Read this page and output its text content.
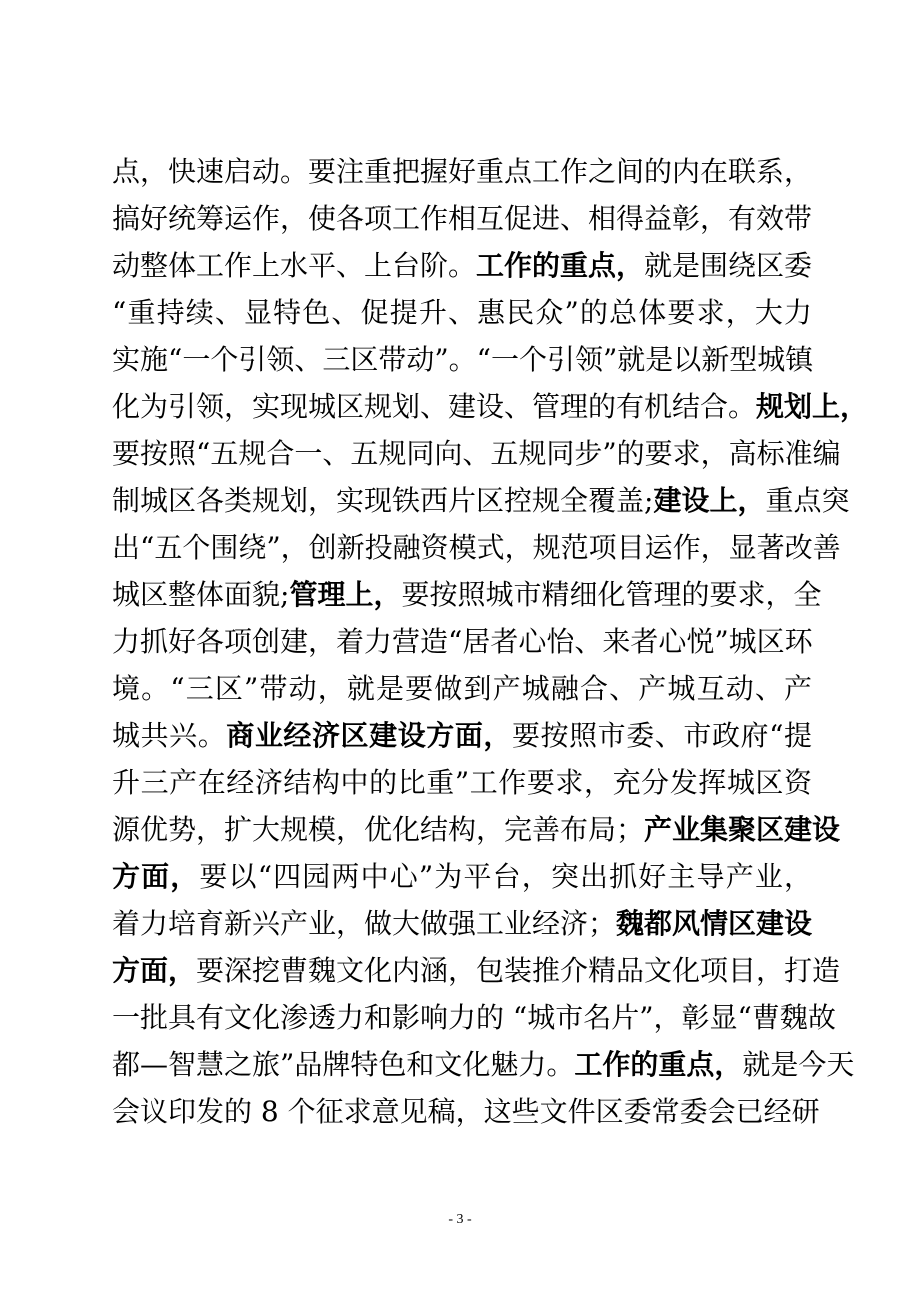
点，快速启动。要注重把握好重点工作之间的内在联系，
搞好统筹运作，使各项工作相互促进、相得益彰，有效带
动整体工作上水平、上台阶。工作的重点，就是围绕区委
“重持续、显特色、促提升、惠民众”的总体要求，大力
实施“一个引领、三区带动”。“一个引领”就是以新型城镇
化为引领，实现城区规划、建设、管理的有机结合。规划上，
要按照“五规合一、五规同向、五规同步”的要求，高标准编
制城区各类规划，实现铁西片区控规全覆盖;建设上，重点突
出“五个围绕”，创新投融资模式，规范项目运作，显著改善
城区整体面貌;管理上，要按照城市精细化管理的要求，全
力抓好各项创建，着力营造“居者心怡、来者心悦”城区环
境。“三区”带动，就是要做到产城融合、产城互动、产
城共兴。商业经济区建设方面，要按照市委、市政府“提
升三产在经济结构中的比重”工作要求，充分发挥城区资
源优势，扩大规模，优化结构，完善布局；产业集聚区建设
方面，要以“四园两中心”为平台，突出抓好主导产业，
着力培育新兴产业，做大做强工业经济；魏都风情区建设
方面，要深挖曹魏文化内涵，包装推介精品文化项目，打造
一批具有文化渗透力和影响力的 “城市名片”，彰显“曹魏故
都—智慧之旅”品牌特色和文化魅力。工作的重点，就是今天
会议印发的 8 个征求意见稿，这些文件区委常委会已经研
- 3 -
